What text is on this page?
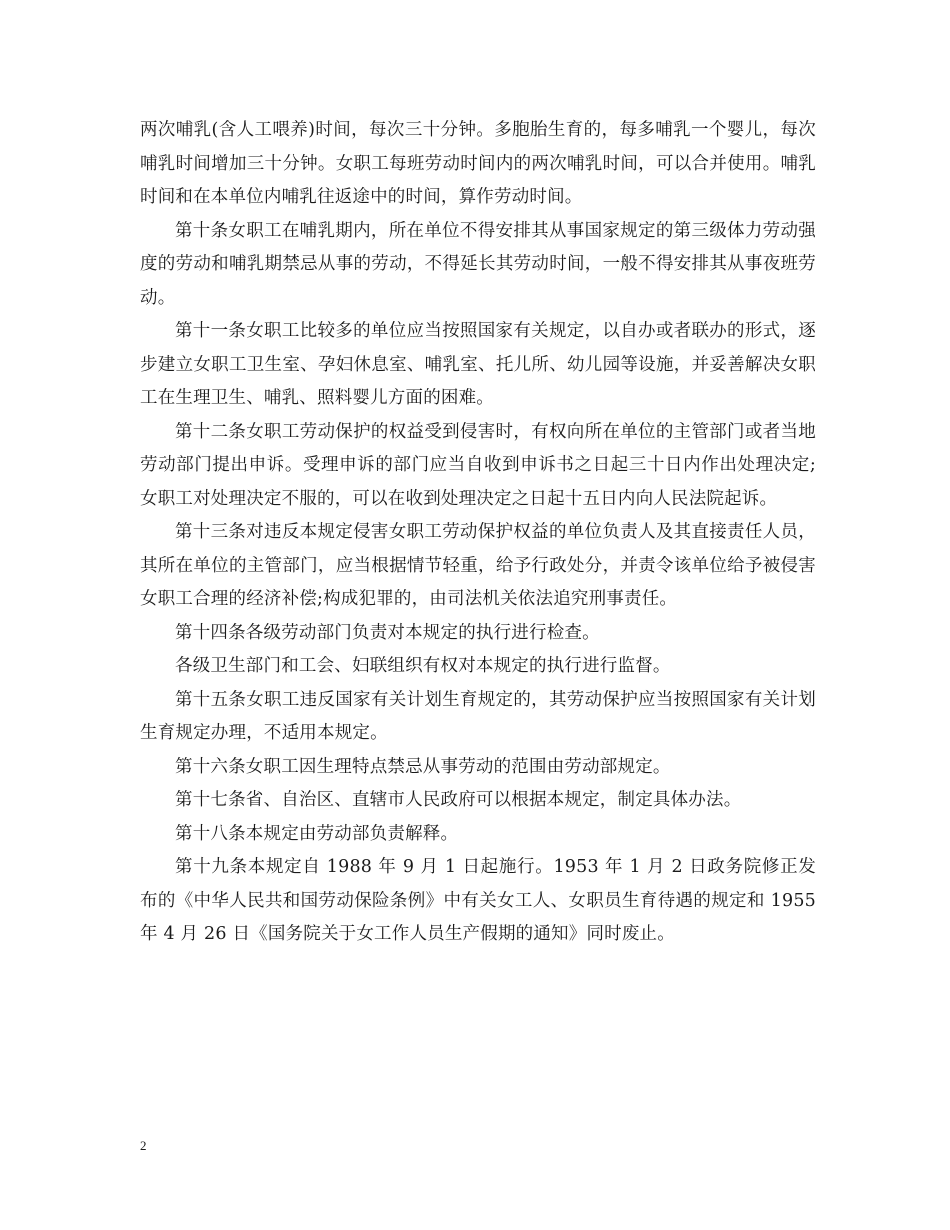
两次哺乳(含人工喂养)时间，每次三十分钟。多胞胎生育的，每多哺乳一个婴儿，每次哺乳时间增加三十分钟。女职工每班劳动时间内的两次哺乳时间，可以合并使用。哺乳时间和在本单位内哺乳往返途中的时间，算作劳动时间。

第十条女职工在哺乳期内，所在单位不得安排其从事国家规定的第三级体力劳动强度的劳动和哺乳期禁忌从事的劳动，不得延长其劳动时间，一般不得安排其从事夜班劳动。

第十一条女职工比较多的单位应当按照国家有关规定，以自办或者联办的形式，逐步建立女职工卫生室、孕妇休息室、哺乳室、托儿所、幼儿园等设施，并妥善解决女职工在生理卫生、哺乳、照料婴儿方面的困难。

第十二条女职工劳动保护的权益受到侵害时，有权向所在单位的主管部门或者当地劳动部门提出申诉。受理申诉的部门应当自收到申诉书之日起三十日内作出处理决定;女职工对处理决定不服的，可以在收到处理决定之日起十五日内向人民法院起诉。

第十三条对违反本规定侵害女职工劳动保护权益的单位负责人及其直接责任人员，其所在单位的主管部门，应当根据情节轻重，给予行政处分，并责令该单位给予被侵害女职工合理的经济补偿;构成犯罪的，由司法机关依法追究刑事责任。

第十四条各级劳动部门负责对本规定的执行进行检查。

各级卫生部门和工会、妇联组织有权对本规定的执行进行监督。

第十五条女职工违反国家有关计划生育规定的，其劳动保护应当按照国家有关计划生育规定办理，不适用本规定。

第十六条女职工因生理特点禁忌从事劳动的范围由劳动部规定。

第十七条省、自治区、直辖市人民政府可以根据本规定，制定具体办法。

第十八条本规定由劳动部负责解释。

第十九条本规定自 1988 年 9 月 1 日起施行。1953 年 1 月 2 日政务院修正发布的《中华人民共和国劳动保险条例》中有关女工人、女职员生育待遇的规定和 1955 年 4 月 26 日《国务院关于女工作人员生产假期的通知》同时废止。

2
